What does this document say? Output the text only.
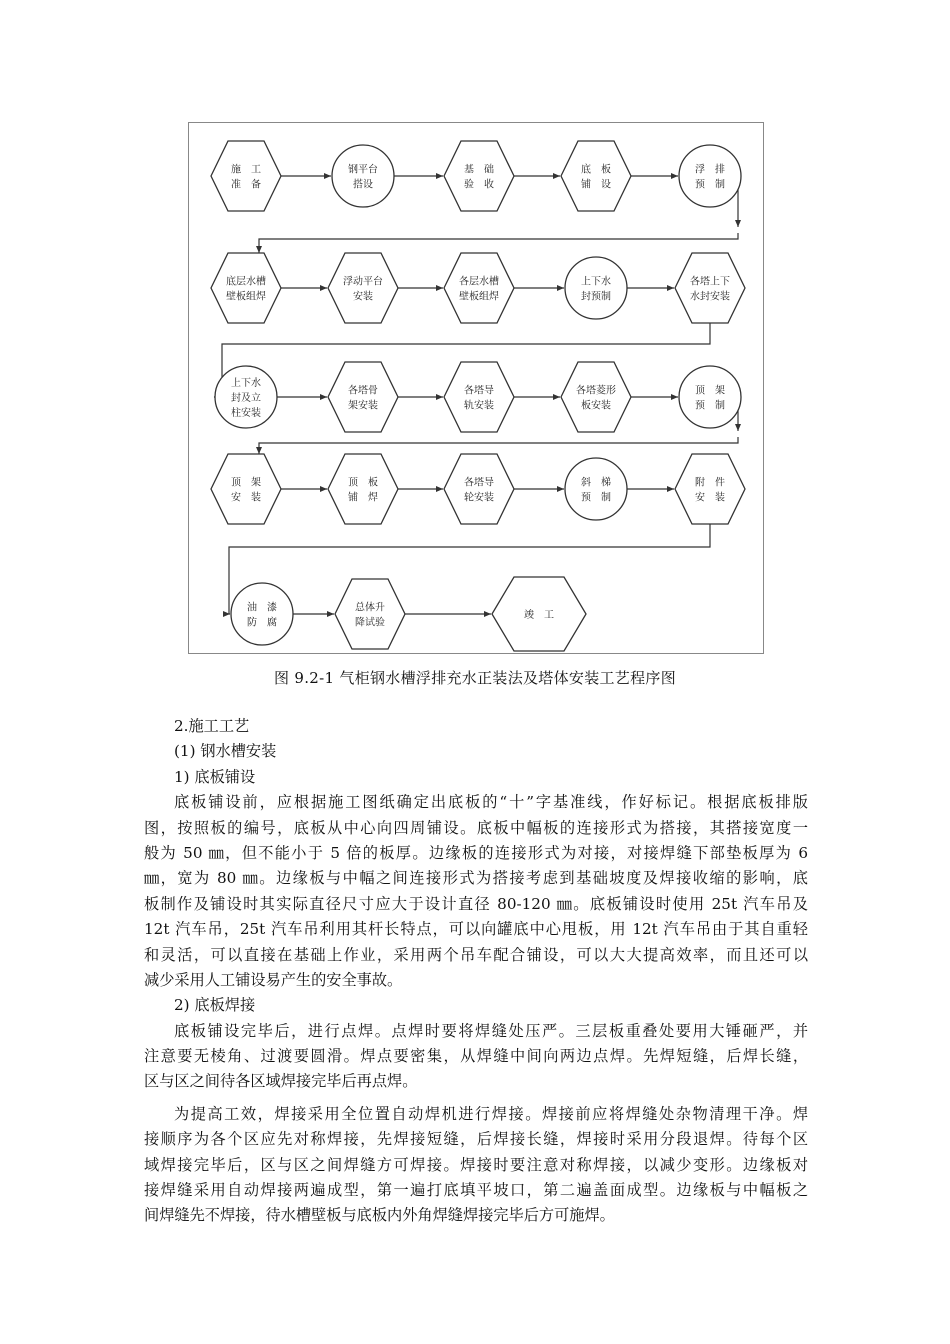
施　工
准　备
钢平台
搭设
基　础
验　收
底　板
铺　设
浮　排
预　制
底层水槽
壁板组焊
浮动平台
安装
各层水槽
壁板组焊
上下水
封预制
各塔上下
水封安装
上下水
封及立
柱安装
各塔骨
架安装
各塔导
轨安装
各塔菱形
板安装
顶　架
预　制
顶　架
安　装
顶　板
铺　焊
各塔导
轮安装
斜　梯
预　制
附　件
安　装
油　漆
防　腐
总体升
降试验
竣　工
图 9.2-1 气柜钢水槽浮排充水正装法及塔体安装工艺程序图
2.施工工艺
(1) 钢水槽安装
1) 底板铺设
底板铺设前，应根据施工图纸确定出底板的“十”字基准线，作好标记。根据底板排版
图，按照板的编号，底板从中心向四周铺设。底板中幅板的连接形式为搭接，其搭接宽度一
般为 50 ㎜，但不能小于 5 倍的板厚。边缘板的连接形式为对接，对接焊缝下部垫板厚为 6
㎜，宽为 80 ㎜。边缘板与中幅之间连接形式为搭接考虑到基础坡度及焊接收缩的影响，底
板制作及铺设时其实际直径尺寸应大于设计直径 80-120 ㎜。底板铺设时使用 25t 汽车吊及
12t 汽车吊，25t 汽车吊利用其杆长特点，可以向罐底中心甩板，用 12t 汽车吊由于其自重轻
和灵活，可以直接在基础上作业，采用两个吊车配合铺设，可以大大提高效率，而且还可以
减少采用人工铺设易产生的安全事故。
2) 底板焊接
底板铺设完毕后，进行点焊。点焊时要将焊缝处压严。三层板重叠处要用大锤砸严，并
注意要无棱角、过渡要圆滑。焊点要密集，从焊缝中间向两边点焊。先焊短缝，后焊长缝，
区与区之间待各区域焊接完毕后再点焊。
为提高工效，焊接采用全位置自动焊机进行焊接。焊接前应将焊缝处杂物清理干净。焊
接顺序为各个区应先对称焊接，先焊接短缝，后焊接长缝，焊接时采用分段退焊。待每个区
域焊接完毕后，区与区之间焊缝方可焊接。焊接时要注意对称焊接，以减少变形。边缘板对
接焊缝采用自动焊接两遍成型，第一遍打底填平坡口，第二遍盖面成型。边缘板与中幅板之
间焊缝先不焊接，待水槽壁板与底板内外角焊缝焊接完毕后方可施焊。
